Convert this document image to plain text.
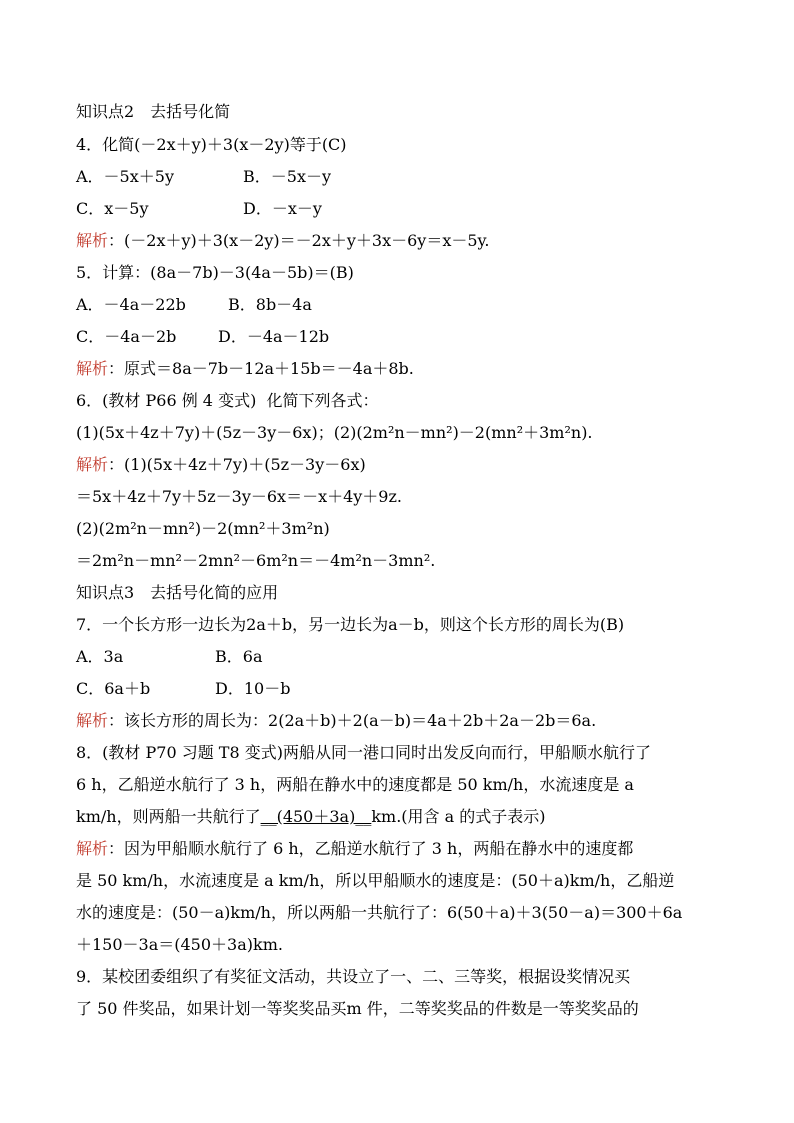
知识点2　去括号化简
4．化简(－2x＋y)＋3(x－2y)等于(C)
A．－5x＋5y	B．－5x－y
C．x－5y	D．－x－y
解析：(－2x＋y)＋3(x－2y)＝－2x＋y＋3x－6y＝x－5y.
5．计算：(8a－7b)－3(4a－5b)＝(B)
A．－4a－22b	B．8b－4a
C．－4a－2b	D．－4a－12b
解析：原式＝8a－7b－12a＋15b＝－4a＋8b.
6．(教材 P66 例 4 变式)  化简下列各式：
(1)(5x＋4z＋7y)＋(5z－3y－6x)；(2)(2m²n－mn²)－2(mn²＋3m²n).
解析：(1)(5x＋4z＋7y)＋(5z－3y－6x)
＝5x＋4z＋7y＋5z－3y－6x＝－x＋4y＋9z.
(2)(2m²n－mn²)－2(mn²＋3m²n)
＝2m²n－mn²－2mn²－6m²n＝－4m²n－3mn².
知识点3　去括号化简的应用
7．一个长方形一边长为2a＋b，另一边长为a－b，则这个长方形的周长为(B)
A．3a	B．6a
C．6a＋b	D．10－b
解析：该长方形的周长为：2(2a＋b)＋2(a－b)＝4a＋2b＋2a－2b＝6a.
8．(教材 P70 习题 T8 变式)两船从同一港口同时出发反向而行，甲船顺水航行了
6 h，乙船逆水航行了 3 h，两船在静水中的速度都是 50 km/h，水流速度是 a
km/h，则两船一共航行了__(450＋3a)__km.(用含 a 的式子表示)
解析：因为甲船顺水航行了 6 h，乙船逆水航行了 3 h，两船在静水中的速度都
是 50 km/h，水流速度是 a km/h，所以甲船顺水的速度是：(50＋a)km/h，乙船逆
水的速度是：(50－a)km/h，所以两船一共航行了：6(50＋a)＋3(50－a)＝300＋6a
＋150－3a＝(450＋3a)km.
9．某校团委组织了有奖征文活动，共设立了一、二、三等奖，根据设奖情况买
了 50 件奖品，如果计划一等奖奖品买m 件，二等奖奖品的件数是一等奖奖品的
